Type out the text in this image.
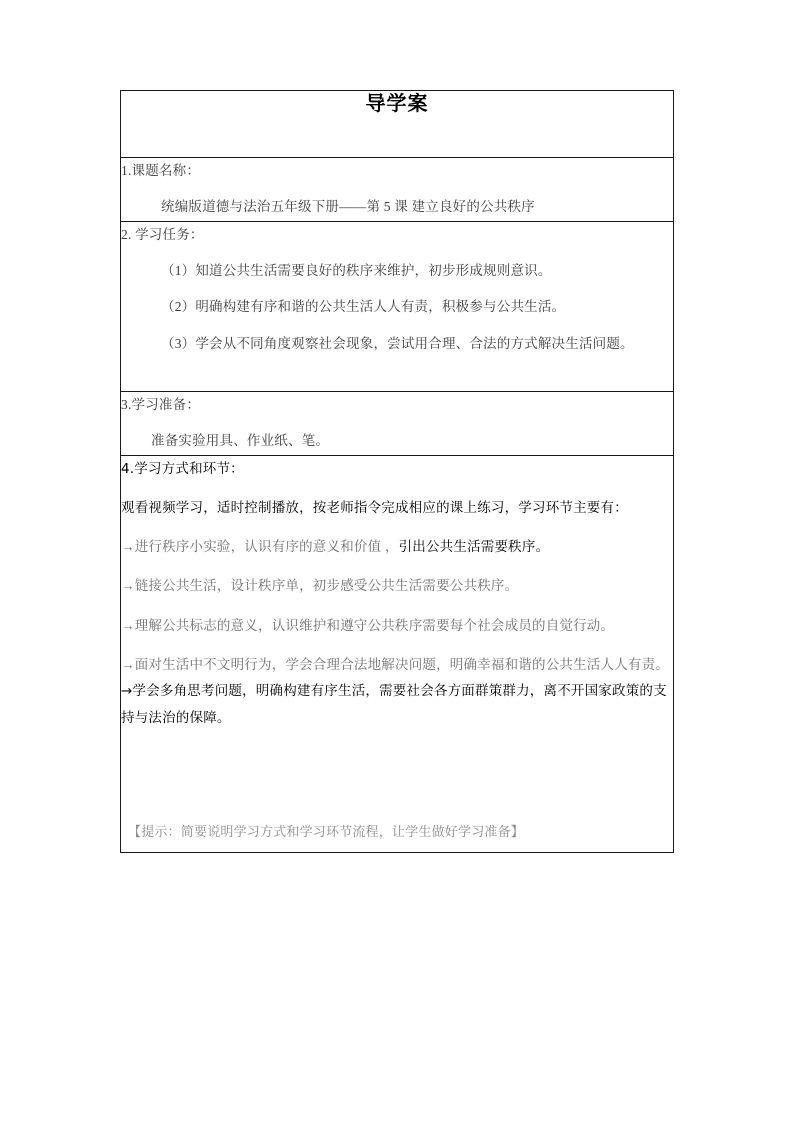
导学案

1.课题名称：
统编版道德与法治五年级下册——第 5 课 建立良好的公共秩序

2. 学习任务：
（1）知道公共生活需要良好的秩序来维护，初步形成规则意识。
（2）明确构建有序和谐的公共生活人人有责，积极参与公共生活。
（3）学会从不同角度观察社会现象，尝试用合理、合法的方式解决生活问题。

3.学习准备：
准备实验用具、作业纸、笔。

4.学习方式和环节：
观看视频学习，适时控制播放，按老师指令完成相应的课上练习，学习环节主要有：

→进行秩序小实验，认识有序的意义和价值 ，引出公共生活需要秩序。

→链接公共生活，设计秩序单，初步感受公共生活需要公共秩序。

→理解公共标志的意义，认识维护和遵守公共秩序需要每个社会成员的自觉行动。

→面对生活中不文明行为，学会合理合法地解决问题，明确幸福和谐的公共生活人人有责。→学会多角思考问题，明确构建有序生活，需要社会各方面群策群力，离不开国家政策的支持与法治的保障。

【提示：简要说明学习方式和学习环节流程，让学生做好学习准备】
